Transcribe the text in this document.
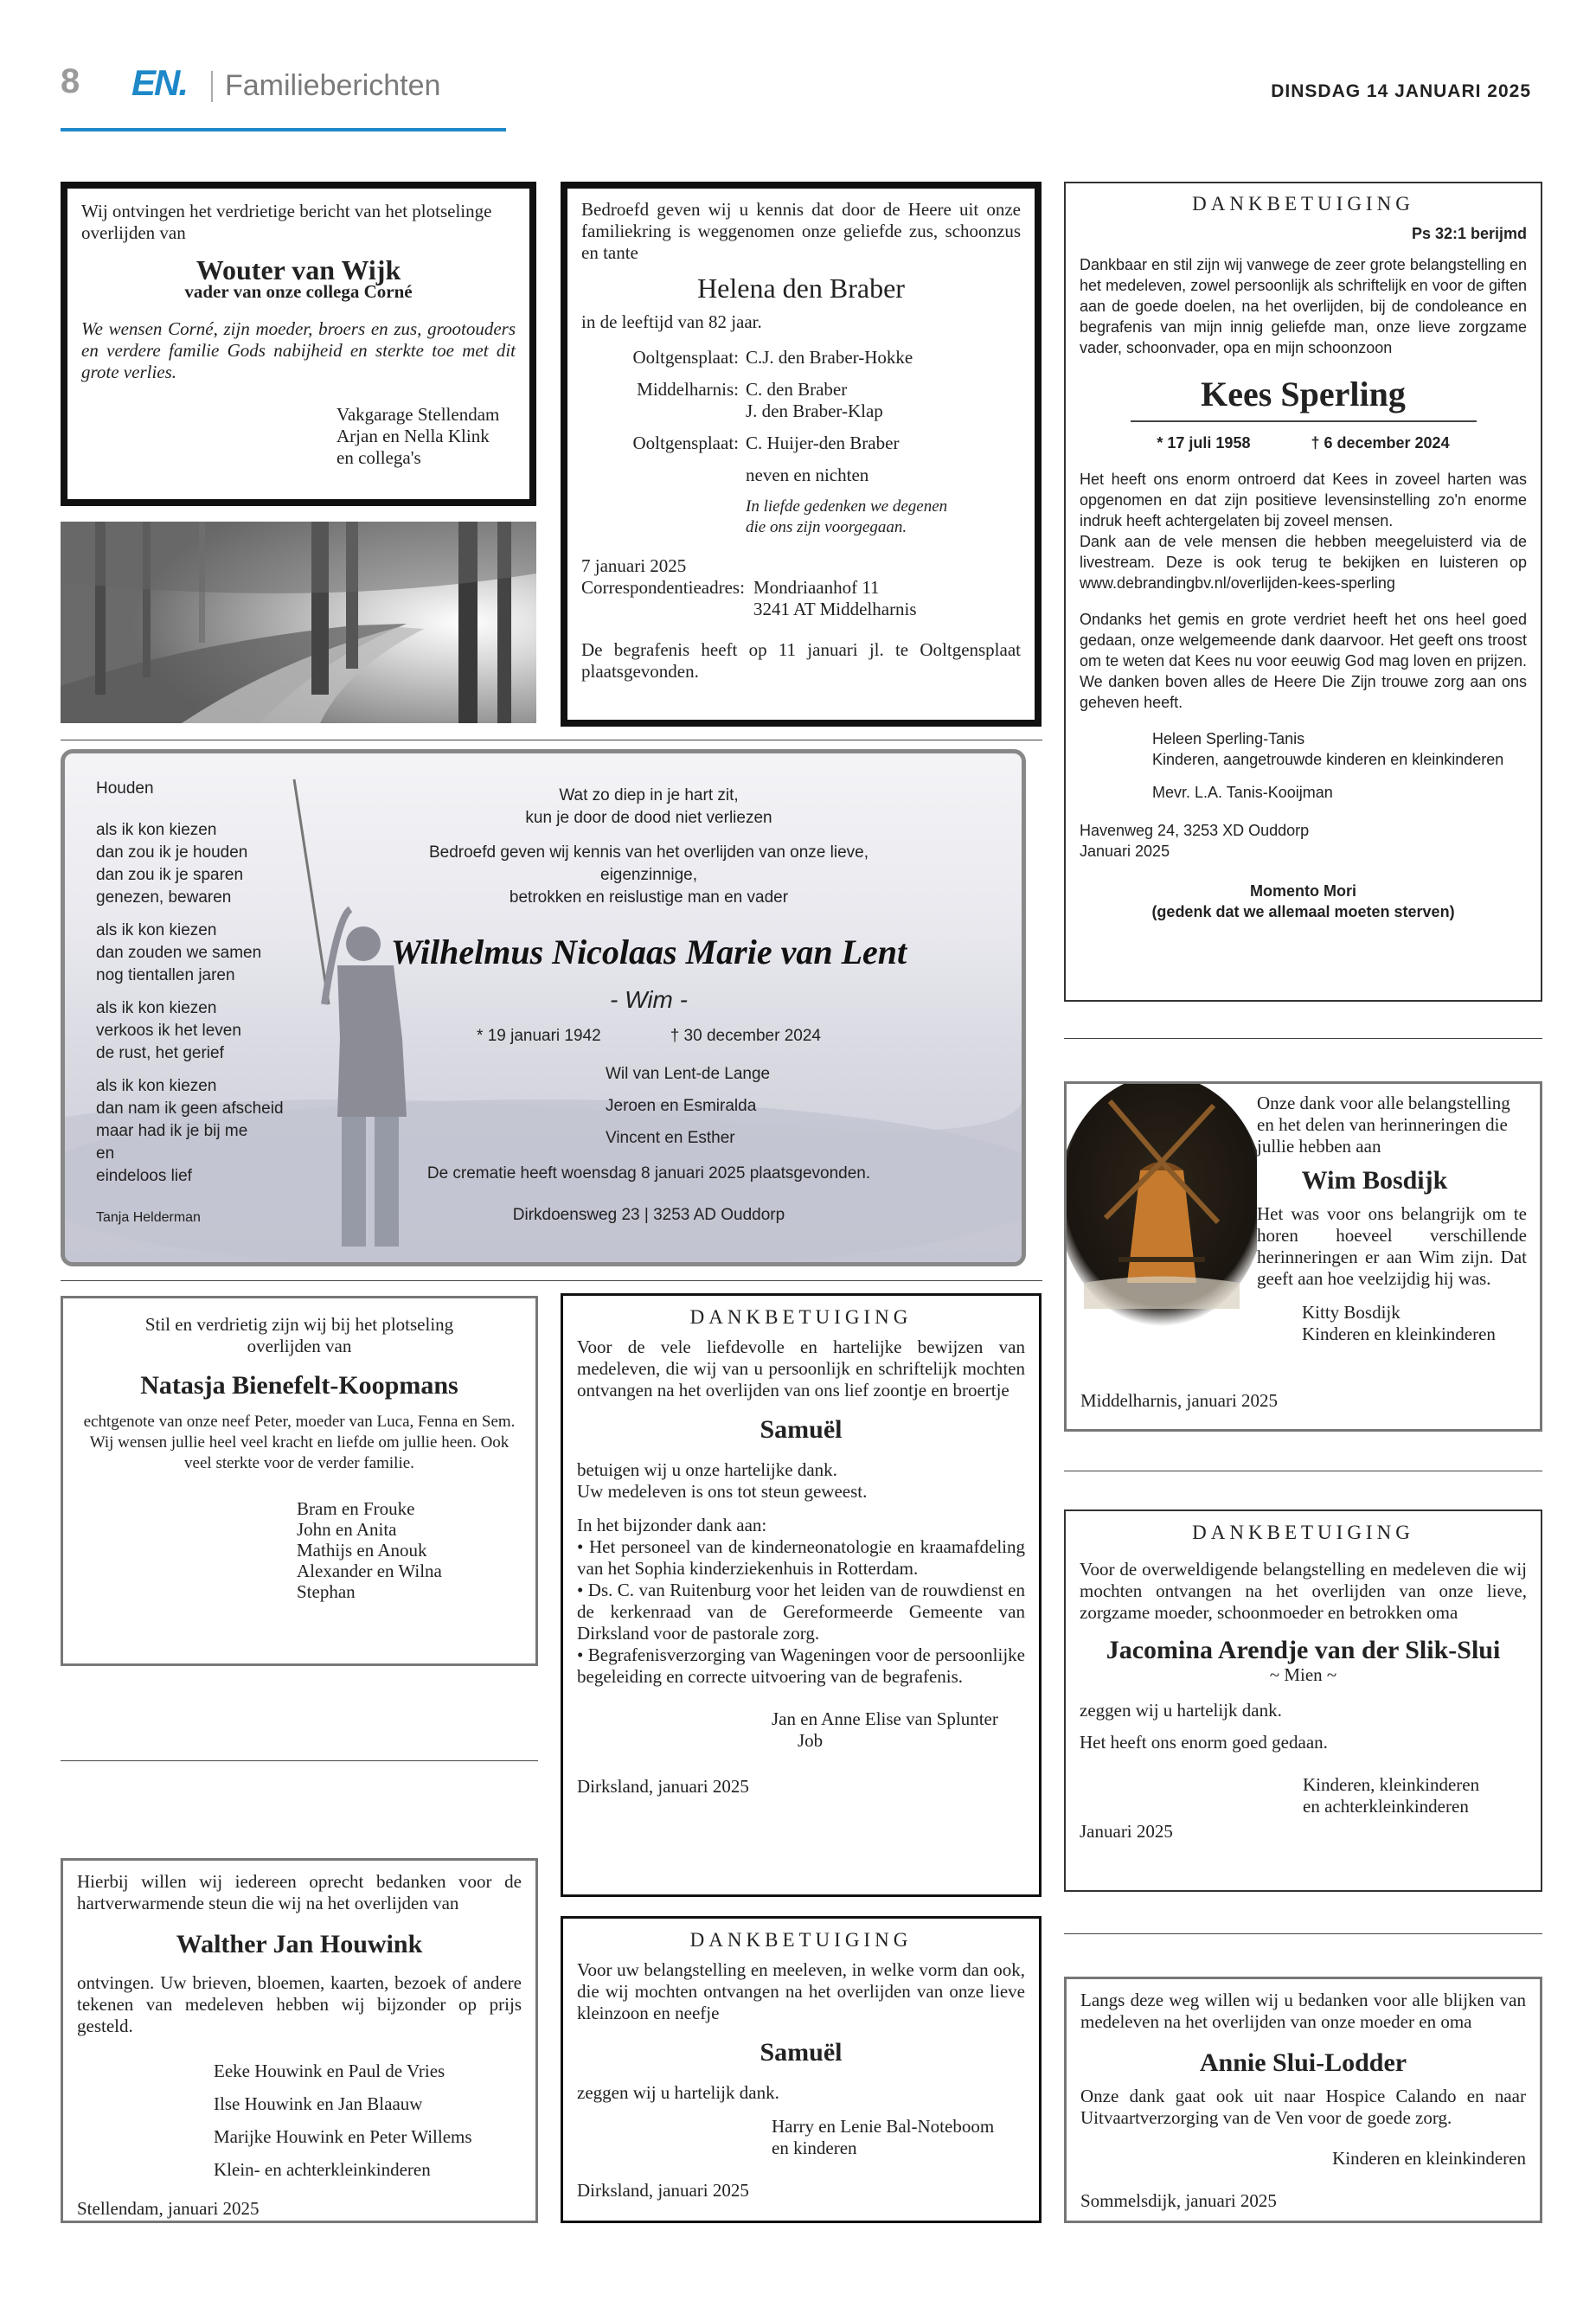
8 EN. Familieberichten	DINSDAG 14 JANUARI 2025

Wij ontvingen het verdrietige bericht van het plotselinge overlijden van

Wouter van Wijk

vader van onze collega Corné

We wensen Corné, zijn moeder, broers en zus, grootouders en verdere familie Gods nabijheid en sterkte toe met dit grote verlies.

Vakgarage Stellendam
Arjan en Nella Klink
en collega's

Bedroefd geven wij u kennis dat door de Heere uit onze familiekring is weggenomen onze geliefde zus, schoonzus en tante

Helena den Braber

in de leeftijd van 82 jaar.

Ooltgensplaat: C.J. den Braber-Hokke
Middelharnis: C. den Braber
J. den Braber-Klap
Ooltgensplaat: C. Huijer-den Braber
neven en nichten
In liefde gedenken we degenen
die ons zijn voorgegaan.

7 januari 2025

Correspondentieadres: Mondriaanhof 11
3241 AT Middelharnis

De begrafenis heeft op 11 januari jl. te Ooltgensplaat plaatsgevonden.

DANKBETUIGING

Ps 32:1 berijmd

Dankbaar en stil zijn wij vanwege de zeer grote belangstelling en het medeleven, zowel persoonlijk als schriftelijk en voor de giften aan de goede doelen, na het overlijden, bij de condoleance en begrafenis van mijn innig geliefde man, onze lieve zorgzame vader, schoonvader, opa en mijn schoonzoon

Kees Sperling

* 17 juli 1958	† 6 december 2024

Het heeft ons enorm ontroerd dat Kees in zoveel harten was opgenomen en dat zijn positieve levensinstelling zo'n enorme indruk heeft achtergelaten bij zoveel mensen.

Dank aan de vele mensen die hebben meegeluisterd via de livestream. Deze is ook terug te bekijken en luisteren op www.debrandingbv.nl/overlijden-kees-sperling

Ondanks het gemis en grote verdriet heeft het ons heel goed gedaan, onze welgemeende dank daarvoor. Het geeft ons troost om te weten dat Kees nu voor eeuwig God mag loven en prijzen. We danken boven alles de Heere Die Zijn trouwe zorg aan ons geheven heeft.

Heleen Sperling-Tanis
Kinderen, aangetrouwde kinderen en kleinkinderen
Mevr. L.A. Tanis-Kooijman

Havenweg 24, 3253 XD Ouddorp

Januari 2025

Momento Mori

(gedenk dat we allemaal moeten sterven)

Houden

als ik kon kiezen
dan zou ik je houden
dan zou ik je sparen
genezen, bewaren
als ik kon kiezen
dan zouden we samen
nog tientallen jaren
als ik kon kiezen
verkoos ik het leven
de rust, het gerief
als ik kon kiezen
dan nam ik geen afscheid
maar had ik je bij me
en
eindeloos lief

Tanja Helderman

Wat zo diep in je hart zit,
kun je door de dood niet verliezen
Bedroefd geven wij kennis van het overlijden van onze lieve, eigenzinnige,
betrokken en reislustige man en vader

Wilhelmus Nicolaas Marie van Lent

- Wim -

* 19 januari 1942	† 30 december 2024
Wil van Lent-de Lange
Jeroen en Esmiralda
Vincent en Esther

De crematie heeft woensdag 8 januari 2025 plaatsgevonden.

Dirkdoensweg 23 | 3253 AD Ouddorp

Onze dank voor alle belangstelling en het delen van herinneringen die jullie hebben aan

Wim Bosdijk

Het was voor ons belangrijk om te horen hoeveel verschillende herinneringen er aan Wim zijn. Dat geeft aan hoe veelzijdig hij was.

Kitty Bosdijk
Kinderen en kleinkinderen

Middelharnis, januari 2025

Stil en verdrietig zijn wij bij het plotseling overlijden van

Natasja Bienefelt-Koopmans

echtgenote van onze neef Peter, moeder van Luca, Fenna en Sem. Wij wensen jullie heel veel kracht en liefde om jullie heen. Ook veel sterkte voor de verder familie.

Bram en Frouke
John en Anita
Mathijs en Anouk
Alexander en Wilna
Stephan

DANKBETUIGING

Voor de vele liefdevolle en hartelijke bewijzen van medeleven, die wij van u persoonlijk en schriftelijk mochten ontvangen na het overlijden van ons lief zoontje en broertje

Samuël

betuigen wij u onze hartelijke dank.
Uw medeleven is ons tot steun geweest.

In het bijzonder dank aan:

• Het personeel van de kinderneonatologie en kraamafdeling van het Sophia kinderziekenhuis in Rotterdam.

• Ds. C. van Ruitenburg voor het leiden van de rouwdienst en de kerkenraad van de Gereformeerde Gemeente van Dirksland voor de pastorale zorg.

• Begrafenisverzorging van Wageningen voor de persoonlijke begeleiding en correcte uitvoering van de begrafenis.

Jan en Anne Elise van Splunter
Job

Dirksland, januari 2025

DANKBETUIGING

Voor de overweldigende belangstelling en medeleven die wij mochten ontvangen na het overlijden van onze lieve, zorgzame moeder, schoonmoeder en betrokken oma

Jacomina Arendje van der Slik-Slui

~ Mien ~

zeggen wij u hartelijk dank.

Het heeft ons enorm goed gedaan.

Kinderen, kleinkinderen
en achterkleinkinderen

Januari 2025

Hierbij willen wij iedereen oprecht bedanken voor de hartverwarmende steun die wij na het overlijden van

Walther Jan Houwink

ontvingen. Uw brieven, bloemen, kaarten, bezoek of andere tekenen van medeleven hebben wij bijzonder op prijs gesteld.

Eeke Houwink en Paul de Vries
Ilse Houwink en Jan Blaauw
Marijke Houwink en Peter Willems
Klein- en achterkleinkinderen

Stellendam, januari 2025

DANKBETUIGING

Voor uw belangstelling en meeleven, in welke vorm dan ook, die wij mochten ontvangen na het overlijden van onze lieve kleinzoon en neefje

Samuël

zeggen wij u hartelijk dank.

Harry en Lenie Bal-Noteboom
en kinderen

Dirksland, januari 2025

Langs deze weg willen wij u bedanken voor alle blijken van medeleven na het overlijden van onze moeder en oma

Annie Slui-Lodder

Onze dank gaat ook uit naar Hospice Calando en naar Uitvaartverzorging van de Ven voor de goede zorg.

Kinderen en kleinkinderen

Sommelsdijk, januari 2025
